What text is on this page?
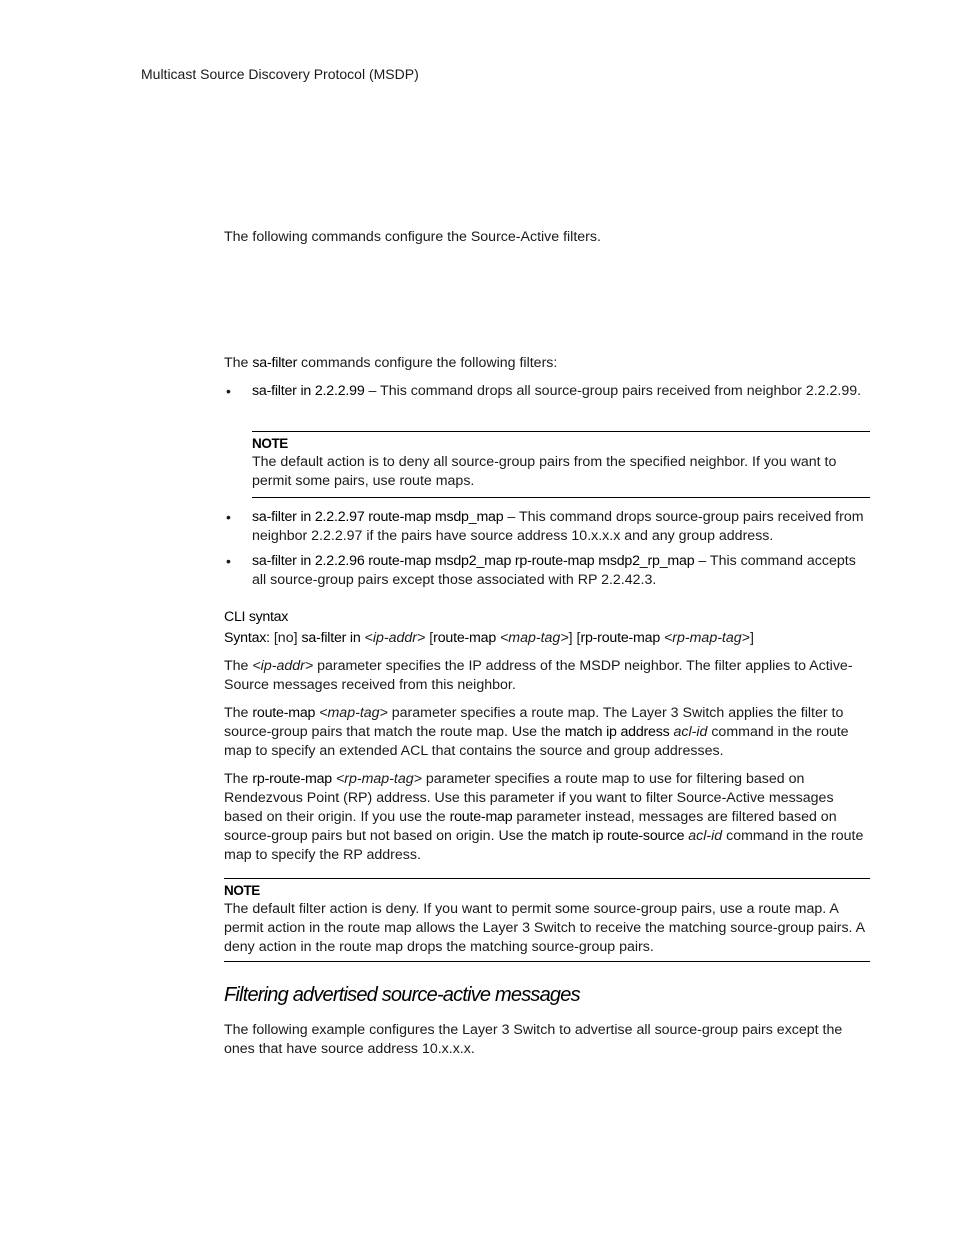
Multicast Source Discovery Protocol (MSDP)

The following commands configure the Source-Active filters.

The sa-filter commands configure the following filters:

• sa-filter in 2.2.2.99 – This command drops all source-group pairs received from neighbor 2.2.2.99.
NOTE
The default action is to deny all source-group pairs from the specified neighbor. If you want to permit some pairs, use route maps.
• sa-filter in 2.2.2.97 route-map msdp_map – This command drops source-group pairs received from neighbor 2.2.2.97 if the pairs have source address 10.x.x.x and any group address.
• sa-filter in 2.2.2.96 route-map msdp2_map rp-route-map msdp2_rp_map – This command accepts all source-group pairs except those associated with RP 2.2.42.3.

CLI syntax

Syntax: [no] sa-filter in <ip-addr> [route-map <map-tag>] [rp-route-map <rp-map-tag>]

The <ip-addr> parameter specifies the IP address of the MSDP neighbor. The filter applies to Active-Source messages received from this neighbor.

The route-map <map-tag> parameter specifies a route map. The Layer 3 Switch applies the filter to source-group pairs that match the route map. Use the match ip address acl-id command in the route map to specify an extended ACL that contains the source and group addresses.

The rp-route-map <rp-map-tag> parameter specifies a route map to use for filtering based on Rendezvous Point (RP) address. Use this parameter if you want to filter Source-Active messages based on their origin. If you use the route-map parameter instead, messages are filtered based on source-group pairs but not based on origin. Use the match ip route-source acl-id command in the route map to specify the RP address.

NOTE
The default filter action is deny. If you want to permit some source-group pairs, use a route map. A permit action in the route map allows the Layer 3 Switch to receive the matching source-group pairs. A deny action in the route map drops the matching source-group pairs.
Filtering advertised source-active messages

The following example configures the Layer 3 Switch to advertise all source-group pairs except the ones that have source address 10.x.x.x.
